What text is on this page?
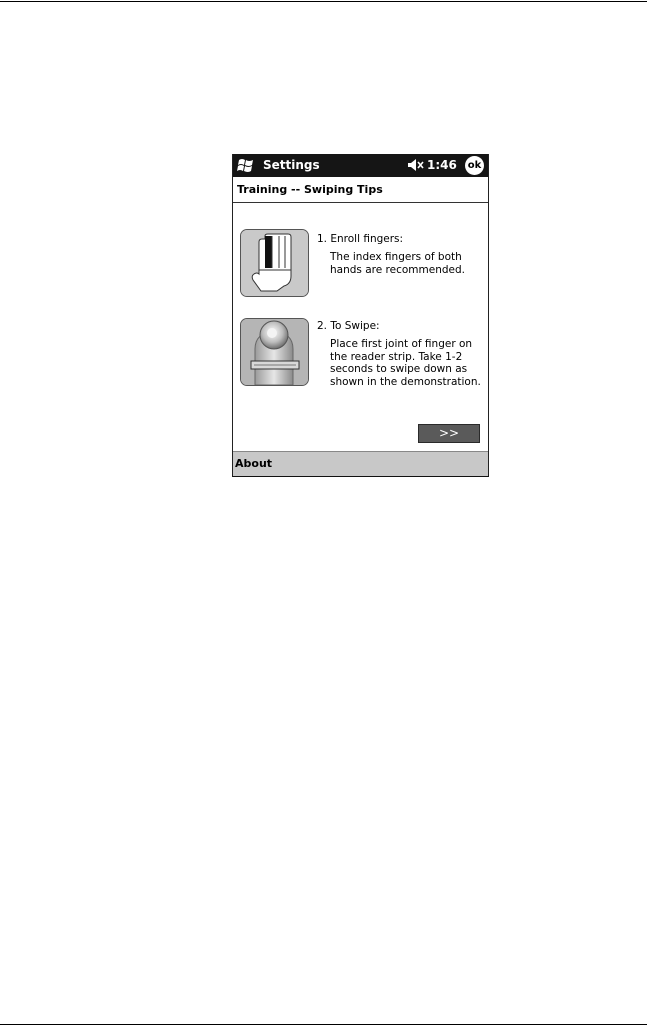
Settings	1:46 ok
Training -- Swiping Tips
1. Enroll fingers:
The index fingers of both hands are recommended.
2. To Swipe:
Place first joint of finger on the reader strip. Take 1-2 seconds to swipe down as shown in the demonstration.
>>
About
